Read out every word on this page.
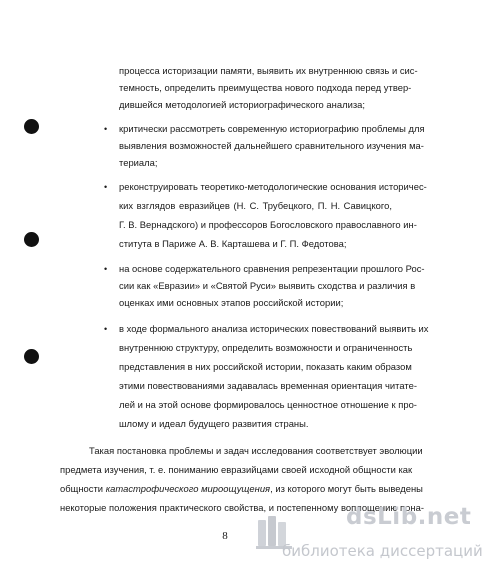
процесса историзации памяти, выявить их внутреннюю связь и сис-
темность, определить преимущества нового подхода перед утвер-
дившейся методологией историографического анализа;
• критически рассмотреть современную историографию проблемы для
выявления возможностей дальнейшего сравнительного изучения ма-
териала;
• реконструировать теоретико-методологические основания историчес-
ких взглядов евразийцев (Н. С. Трубецкого, П. Н. Савицкого,
Г. В. Вернадского) и профессоров Богословского православного ин-
ститута в Париже А. В. Карташева и Г. П. Федотова;
• на основе содержательного сравнения репрезентации прошлого Рос-
сии как «Евразии» и «Святой Руси» выявить сходства и различия в
оценках ими основных этапов российской истории;
• в ходе формального анализа исторических повествований выявить их
внутреннюю структуру, определить возможности и ограниченность
представления в них российской истории, показать каким образом
этими повествованиями задавалась временная ориентация читате-
лей и на этой основе формировалось ценностное отношение к про-
шлому и идеал будущего развития страны.
Такая постановка проблемы и задач исследования соответствует эволюции
предмета изучения, т. е. пониманию евразийцами своей исходной общности как
общности катастрофического мироощущения, из которого могут быть выведены
некоторые положения практического свойства, и постепенному воплощению пона-
8
dsLib.net
библиотека диссертаций
